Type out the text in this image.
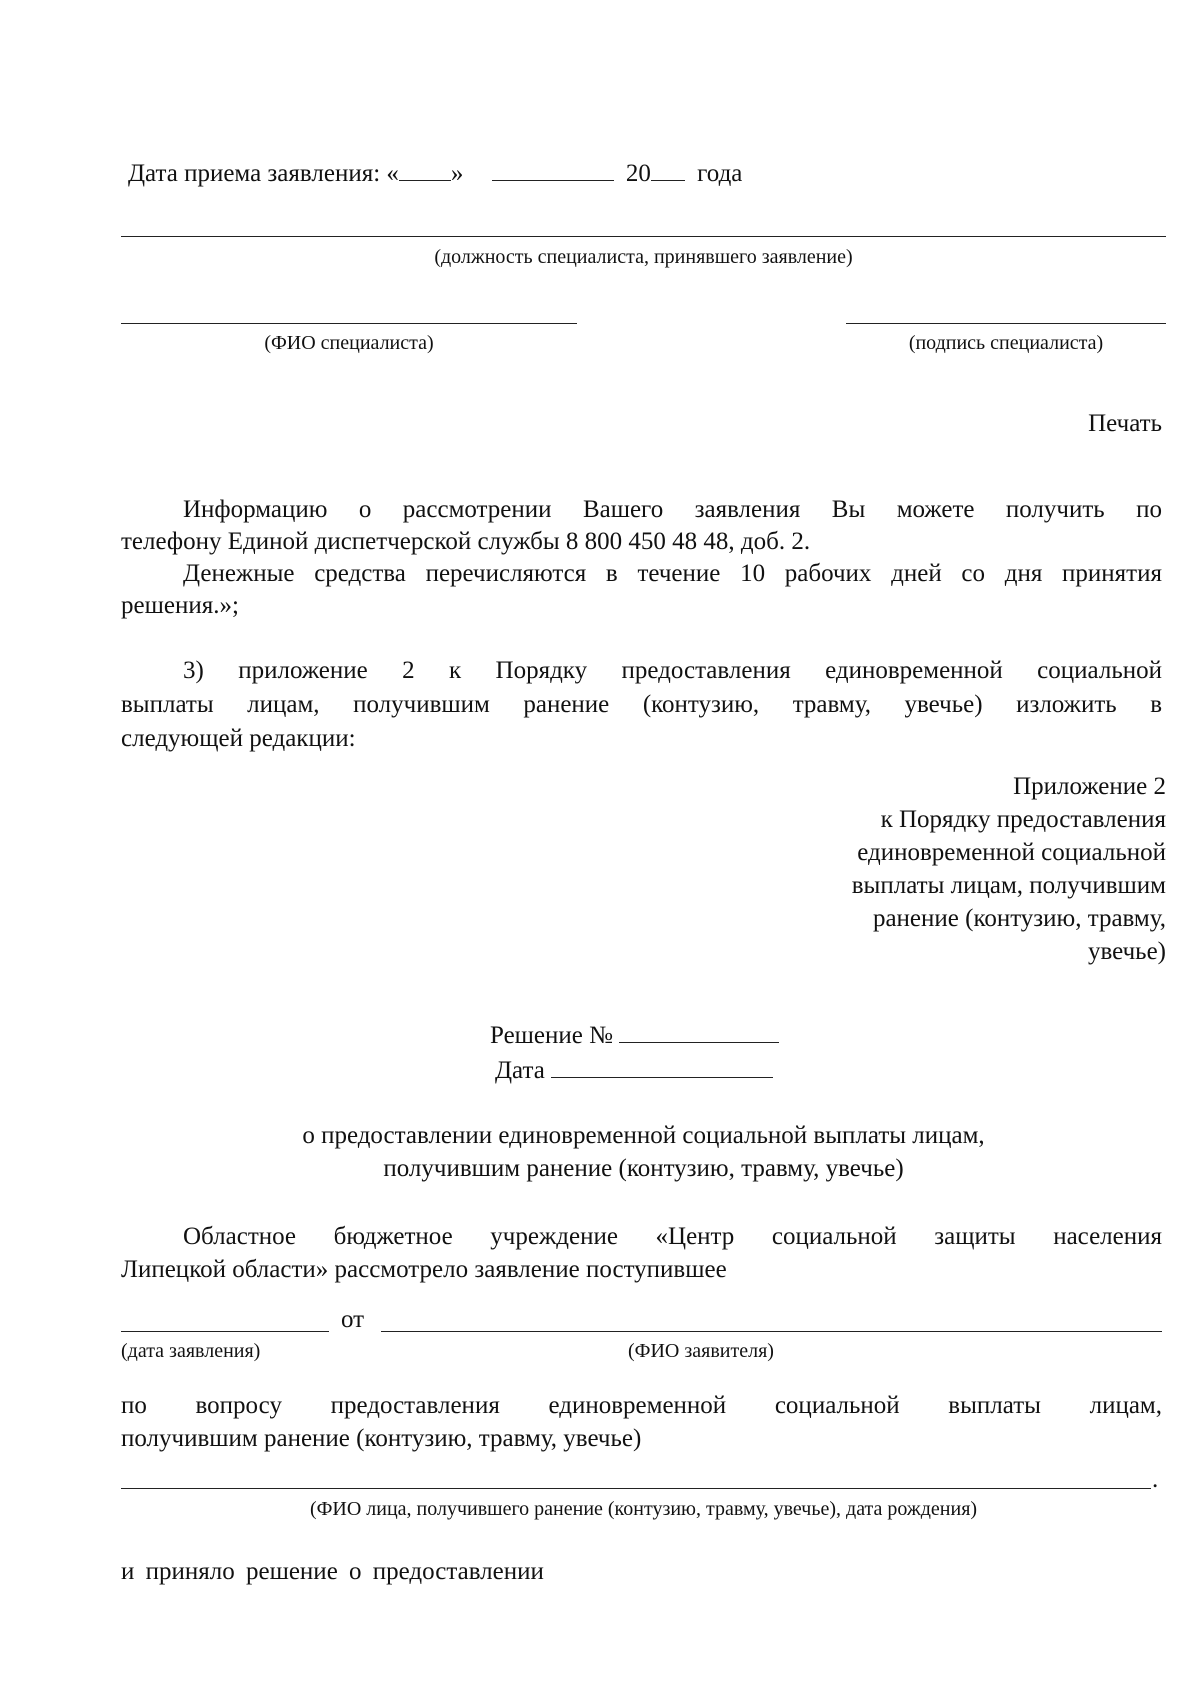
Дата приема заявления: « »	20 года
(должность специалиста, принявшего заявление)
(ФИО специалиста)	(подпись специалиста)
Печать
Информацию о рассмотрении Вашего заявления Вы можете получить по
телефону Единой диспетчерской службы 8 800 450 48 48, доб. 2.
Денежные средства перечисляются в течение 10 рабочих дней со дня принятия
решения.»;
3) приложение 2 к Порядку предоставления единовременной социальной
выплаты лицам, получившим ранение (контузию, травму, увечье) изложить в
следующей редакции:
Приложение 2
к Порядку предоставления
единовременной социальной
выплаты лицам, получившим
ранение (контузию, травму,
увечье)
Решение №
Дата
о предоставлении единовременной социальной выплаты лицам,
получившим ранение (контузию, травму, увечье)
Областное бюджетное учреждение «Центр социальной защиты населения
Липецкой области» рассмотрело заявление поступившее
от
(дата заявления)	(ФИО заявителя)
по вопросу предоставления единовременной социальной выплаты лицам,
получившим ранение (контузию, травму, увечье)
.
(ФИО лица, получившего ранение (контузию, травму, увечье), дата рождения)
и приняло решение о предоставлении
